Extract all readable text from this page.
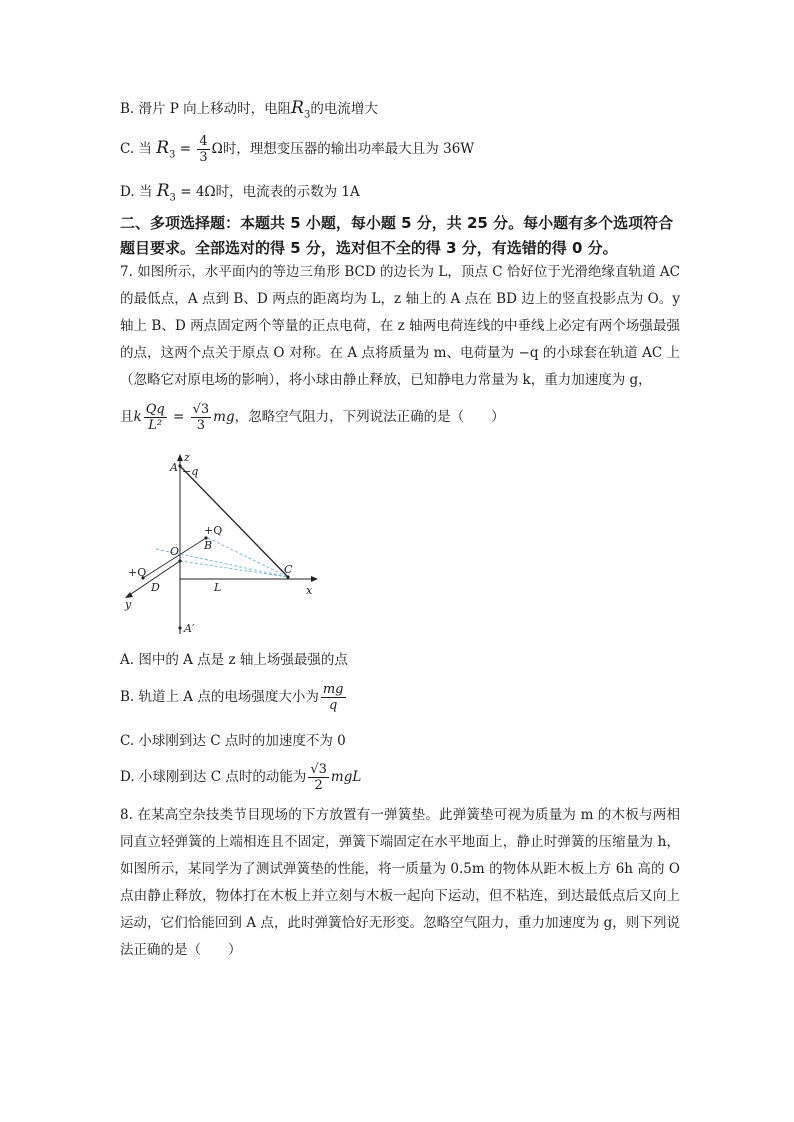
B. 滑片 P 向上移动时，电阻$R_3$的电流增大
C. 当 $R_3 = \frac{4}{3}$ Ω时，理想变压器的输出功率最大且为 36W
D. 当 $R_3 = 4\Omega$时，电流表的示数为 1A
二、多项选择题：本题共 5 小题，每小题 5 分，共 25 分。每小题有多个选项符合题目要求。全部选对的得 5 分，选对但不全的得 3 分，有选错的得 0 分。
7. 如图所示，水平面内的等边三角形 BCD 的边长为 L，顶点 C 恰好位于光滑绝缘直轨道 AC 的最低点，A 点到 B、D 两点的距离均为 L，z 轴上的 A 点在 BD 边上的竖直投影点为 O。y 轴上 B、D 两点固定两个等量的正点电荷，在 z 轴两电荷连线的中垂线上必定有两个场强最强的点，这两个点关于原点 O 对称。在 A 点将质量为 m、电荷量为 −q 的小球套在轨道 AC 上（忽略它对原电场的影响），将小球由静止释放，已知静电力常量为 k，重力加速度为 g，
且k $\frac{Qq}{\text{L²}} = \frac{√3}{3}$ mg，忽略空气阻力，下列说法正确的是（　　）
z
A −q
+Q
B
O
+Q
D	L
C
x
y
A′
A. 图中的 A 点是 z 轴上场强最强的点
B. 轨道上 A 点的电场强度大小为 $\frac{mg}{q}$
C. 小球刚到达 C 点时的加速度不为 0
D. 小球刚到达 C 点时的动能为 $\frac{√3}{2}$ mgL
8. 在某高空杂技类节目现场的下方放置有一弹簧垫。此弹簧垫可视为质量为 m 的木板与两相同直立轻弹簧的上端相连且不固定，弹簧下端固定在水平地面上，静止时弹簧的压缩量为 h，如图所示，某同学为了测试弹簧垫的性能，将一质量为 0.5m 的物体从距木板上方 6h 高的 O 点由静止释放，物体打在木板上并立刻与木板一起向下运动，但不粘连，到达最低点后又向上运动，它们恰能回到 A 点，此时弹簧恰好无形变。忽略空气阻力，重力加速度为 g，则下列说法正确的是（　　）
